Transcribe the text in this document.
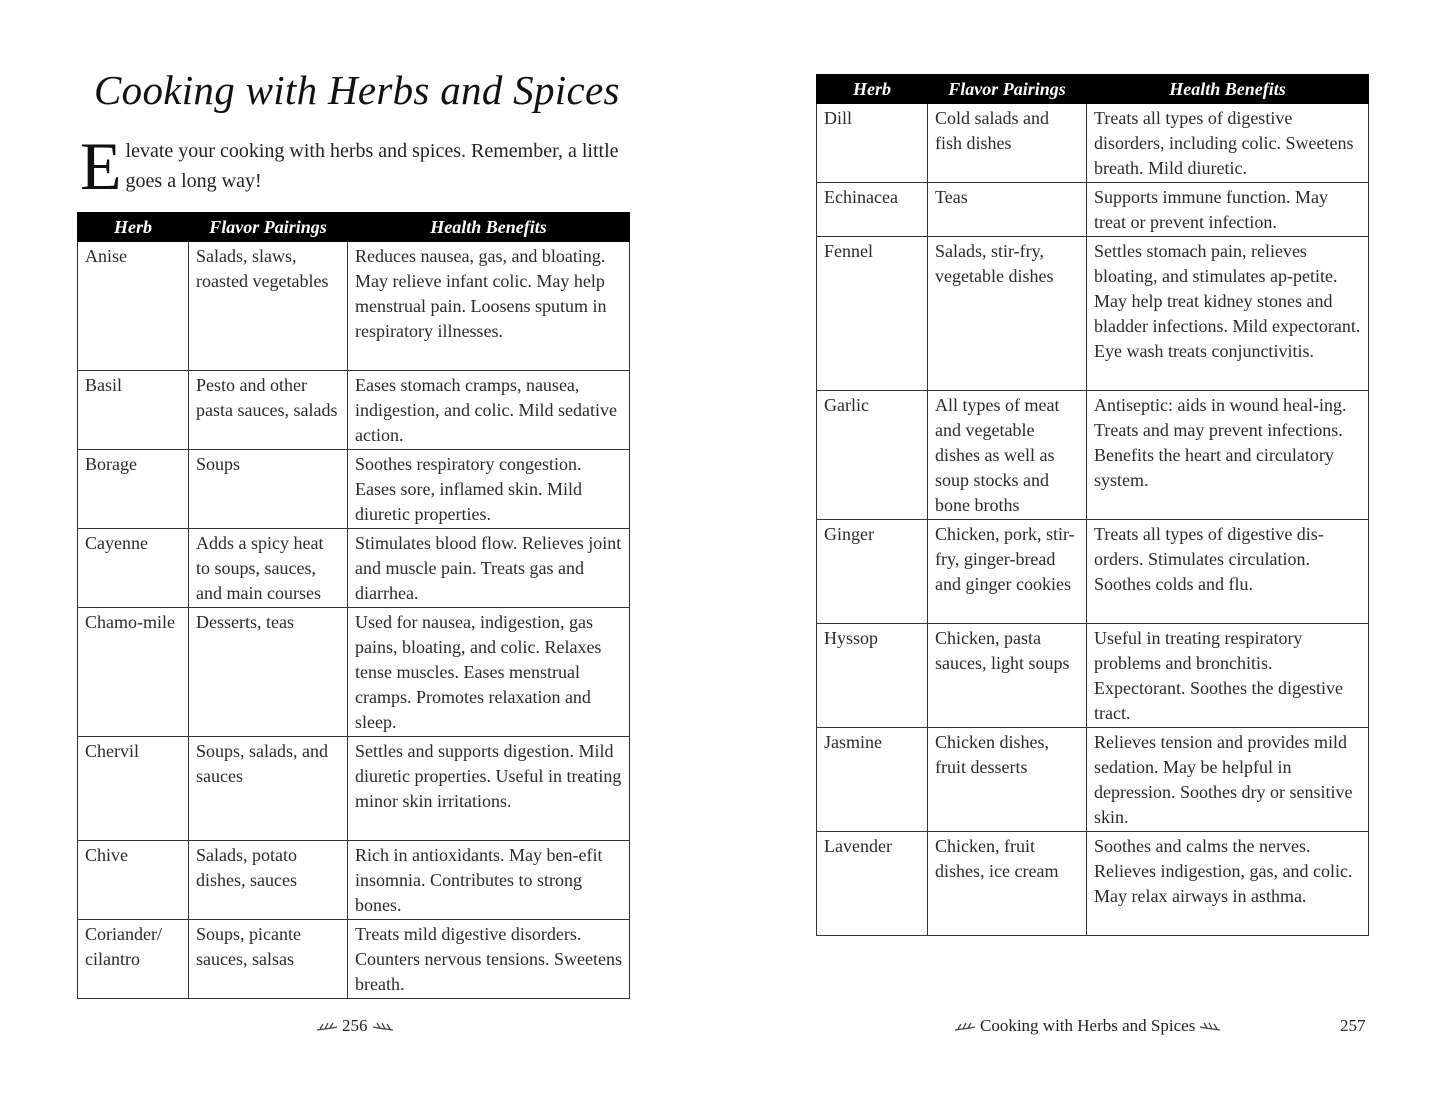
Cooking with Herbs and Spices
Elevate your cooking with herbs and spices. Remember, a little goes a long way!
Herb	Flavor Pairings	Health Benefits
Anise	Salads, slaws, roasted vegetables	Reduces nausea, gas, and bloating. May relieve infant colic. May help menstrual pain. Loosens sputum in respiratory illnesses.
Basil	Pesto and other pasta sauces, salads	Eases stomach cramps, nausea, indigestion, and colic. Mild sedative action.
Borage	Soups	Soothes respiratory congestion. Eases sore, inflamed skin. Mild diuretic properties.
Cayenne	Adds a spicy heat to soups, sauces, and main courses	Stimulates blood flow. Relieves joint and muscle pain. Treats gas and diarrhea.
Chamo-mile	Desserts, teas	Used for nausea, indigestion, gas pains, bloating, and colic. Relaxes tense muscles. Eases menstrual cramps. Promotes relaxation and sleep.
Chervil	Soups, salads, and sauces	Settles and supports digestion. Mild diuretic properties. Useful in treating minor skin irritations.
Chive	Salads, potato dishes, sauces	Rich in antioxidants. May ben-efit insomnia. Contributes to strong bones.
Coriander/ cilantro	Soups, picante sauces, salsas	Treats mild digestive disorders. Counters nervous tensions. Sweetens breath.
256
Herb	Flavor Pairings	Health Benefits
Dill	Cold salads and fish dishes	Treats all types of digestive disorders, including colic. Sweetens breath. Mild diuretic.
Echinacea	Teas	Supports immune function. May treat or prevent infection.
Fennel	Salads, stir-fry, vegetable dishes	Settles stomach pain, relieves bloating, and stimulates ap-petite. May help treat kidney stones and bladder infections. Mild expectorant. Eye wash treats conjunctivitis.
Garlic	All types of meat and vegetable dishes as well as soup stocks and bone broths	Antiseptic: aids in wound heal-ing. Treats and may prevent infections. Benefits the heart and circulatory system.
Ginger	Chicken, pork, stir-fry, ginger-bread and ginger cookies	Treats all types of digestive dis-orders. Stimulates circulation. Soothes colds and flu.
Hyssop	Chicken, pasta sauces, light soups	Useful in treating respiratory problems and bronchitis. Expectorant. Soothes the digestive tract.
Jasmine	Chicken dishes, fruit desserts	Relieves tension and provides mild sedation. May be helpful in depression. Soothes dry or sensitive skin.
Lavender	Chicken, fruit dishes, ice cream	Soothes and calms the nerves. Relieves indigestion, gas, and colic. May relax airways in asthma.
Cooking with Herbs and Spices	257
